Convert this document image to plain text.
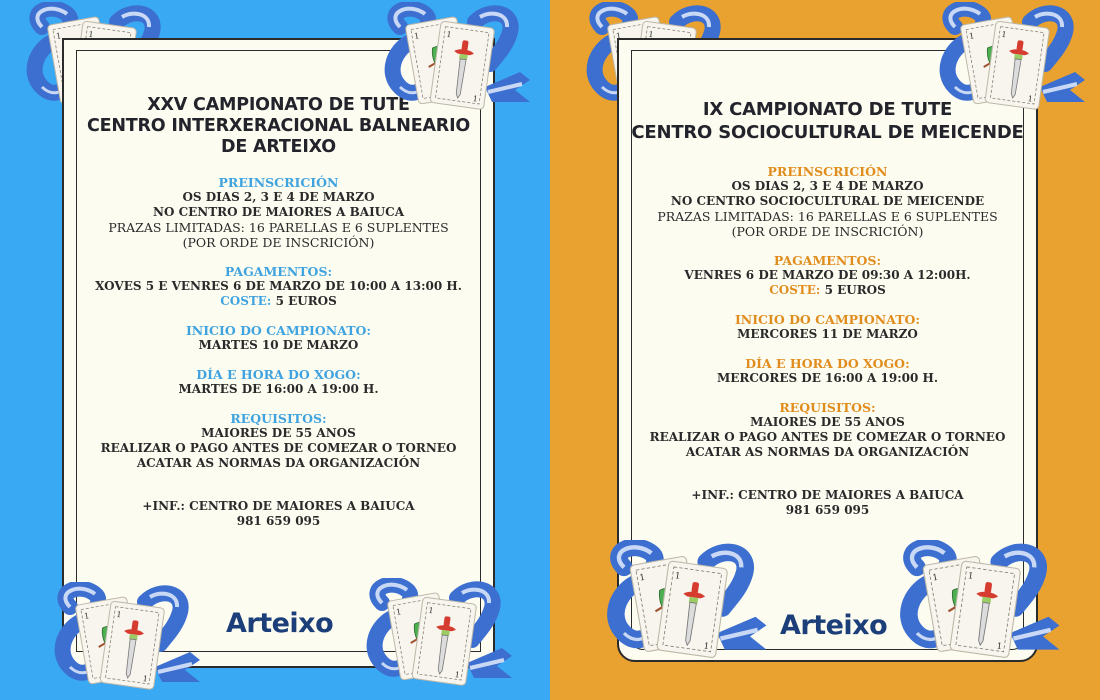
XXV CAMPIONATO DE TUTE
CENTRO INTERXERACIONAL BALNEARIO
DE ARTEIXO
PREINSCRICIÓN
OS DIAS 2, 3 E 4 DE MARZO
NO CENTRO DE MAIORES A BAIUCA
PRAZAS LIMITADAS: 16 PARELLAS E 6 SUPLENTES
(POR ORDE DE INSCRICIÓN)
PAGAMENTOS:
XOVES 5 E VENRES 6 DE MARZO DE 10:00 A 13:00 H.
COSTE: 5 EUROS
INICIO DO CAMPIONATO:
MARTES 10 DE MARZO
DÍA E HORA DO XOGO:
MARTES DE 16:00 A 19:00 H.
REQUISITOS:
MAIORES DE 55 ANOS
REALIZAR O PAGO ANTES DE COMEZAR O TORNEO
ACATAR AS NORMAS DA ORGANIZACIÓN
+INF.: CENTRO DE MAIORES A BAIUCA
981 659 095
Arteixo
IX CAMPIONATO DE TUTE
CENTRO SOCIOCULTURAL DE MEICENDE
PREINSCRICIÓN
OS DIAS 2, 3 E 4 DE MARZO
NO CENTRO SOCIOCULTURAL DE MEICENDE
PRAZAS LIMITADAS: 16 PARELLAS E 6 SUPLENTES
(POR ORDE DE INSCRICIÓN)
PAGAMENTOS:
VENRES 6 DE MARZO DE 09:30 A 12:00H.
COSTE: 5 EUROS
INICIO DO CAMPIONATO:
MERCORES 11 DE MARZO
DÍA E HORA DO XOGO:
MERCORES DE 16:00 A 19:00 H.
REQUISITOS:
MAIORES DE 55 ANOS
REALIZAR O PAGO ANTES DE COMEZAR O TORNEO
ACATAR AS NORMAS DA ORGANIZACIÓN
+INF.: CENTRO DE MAIORES A BAIUCA
981 659 095
Arteixo
